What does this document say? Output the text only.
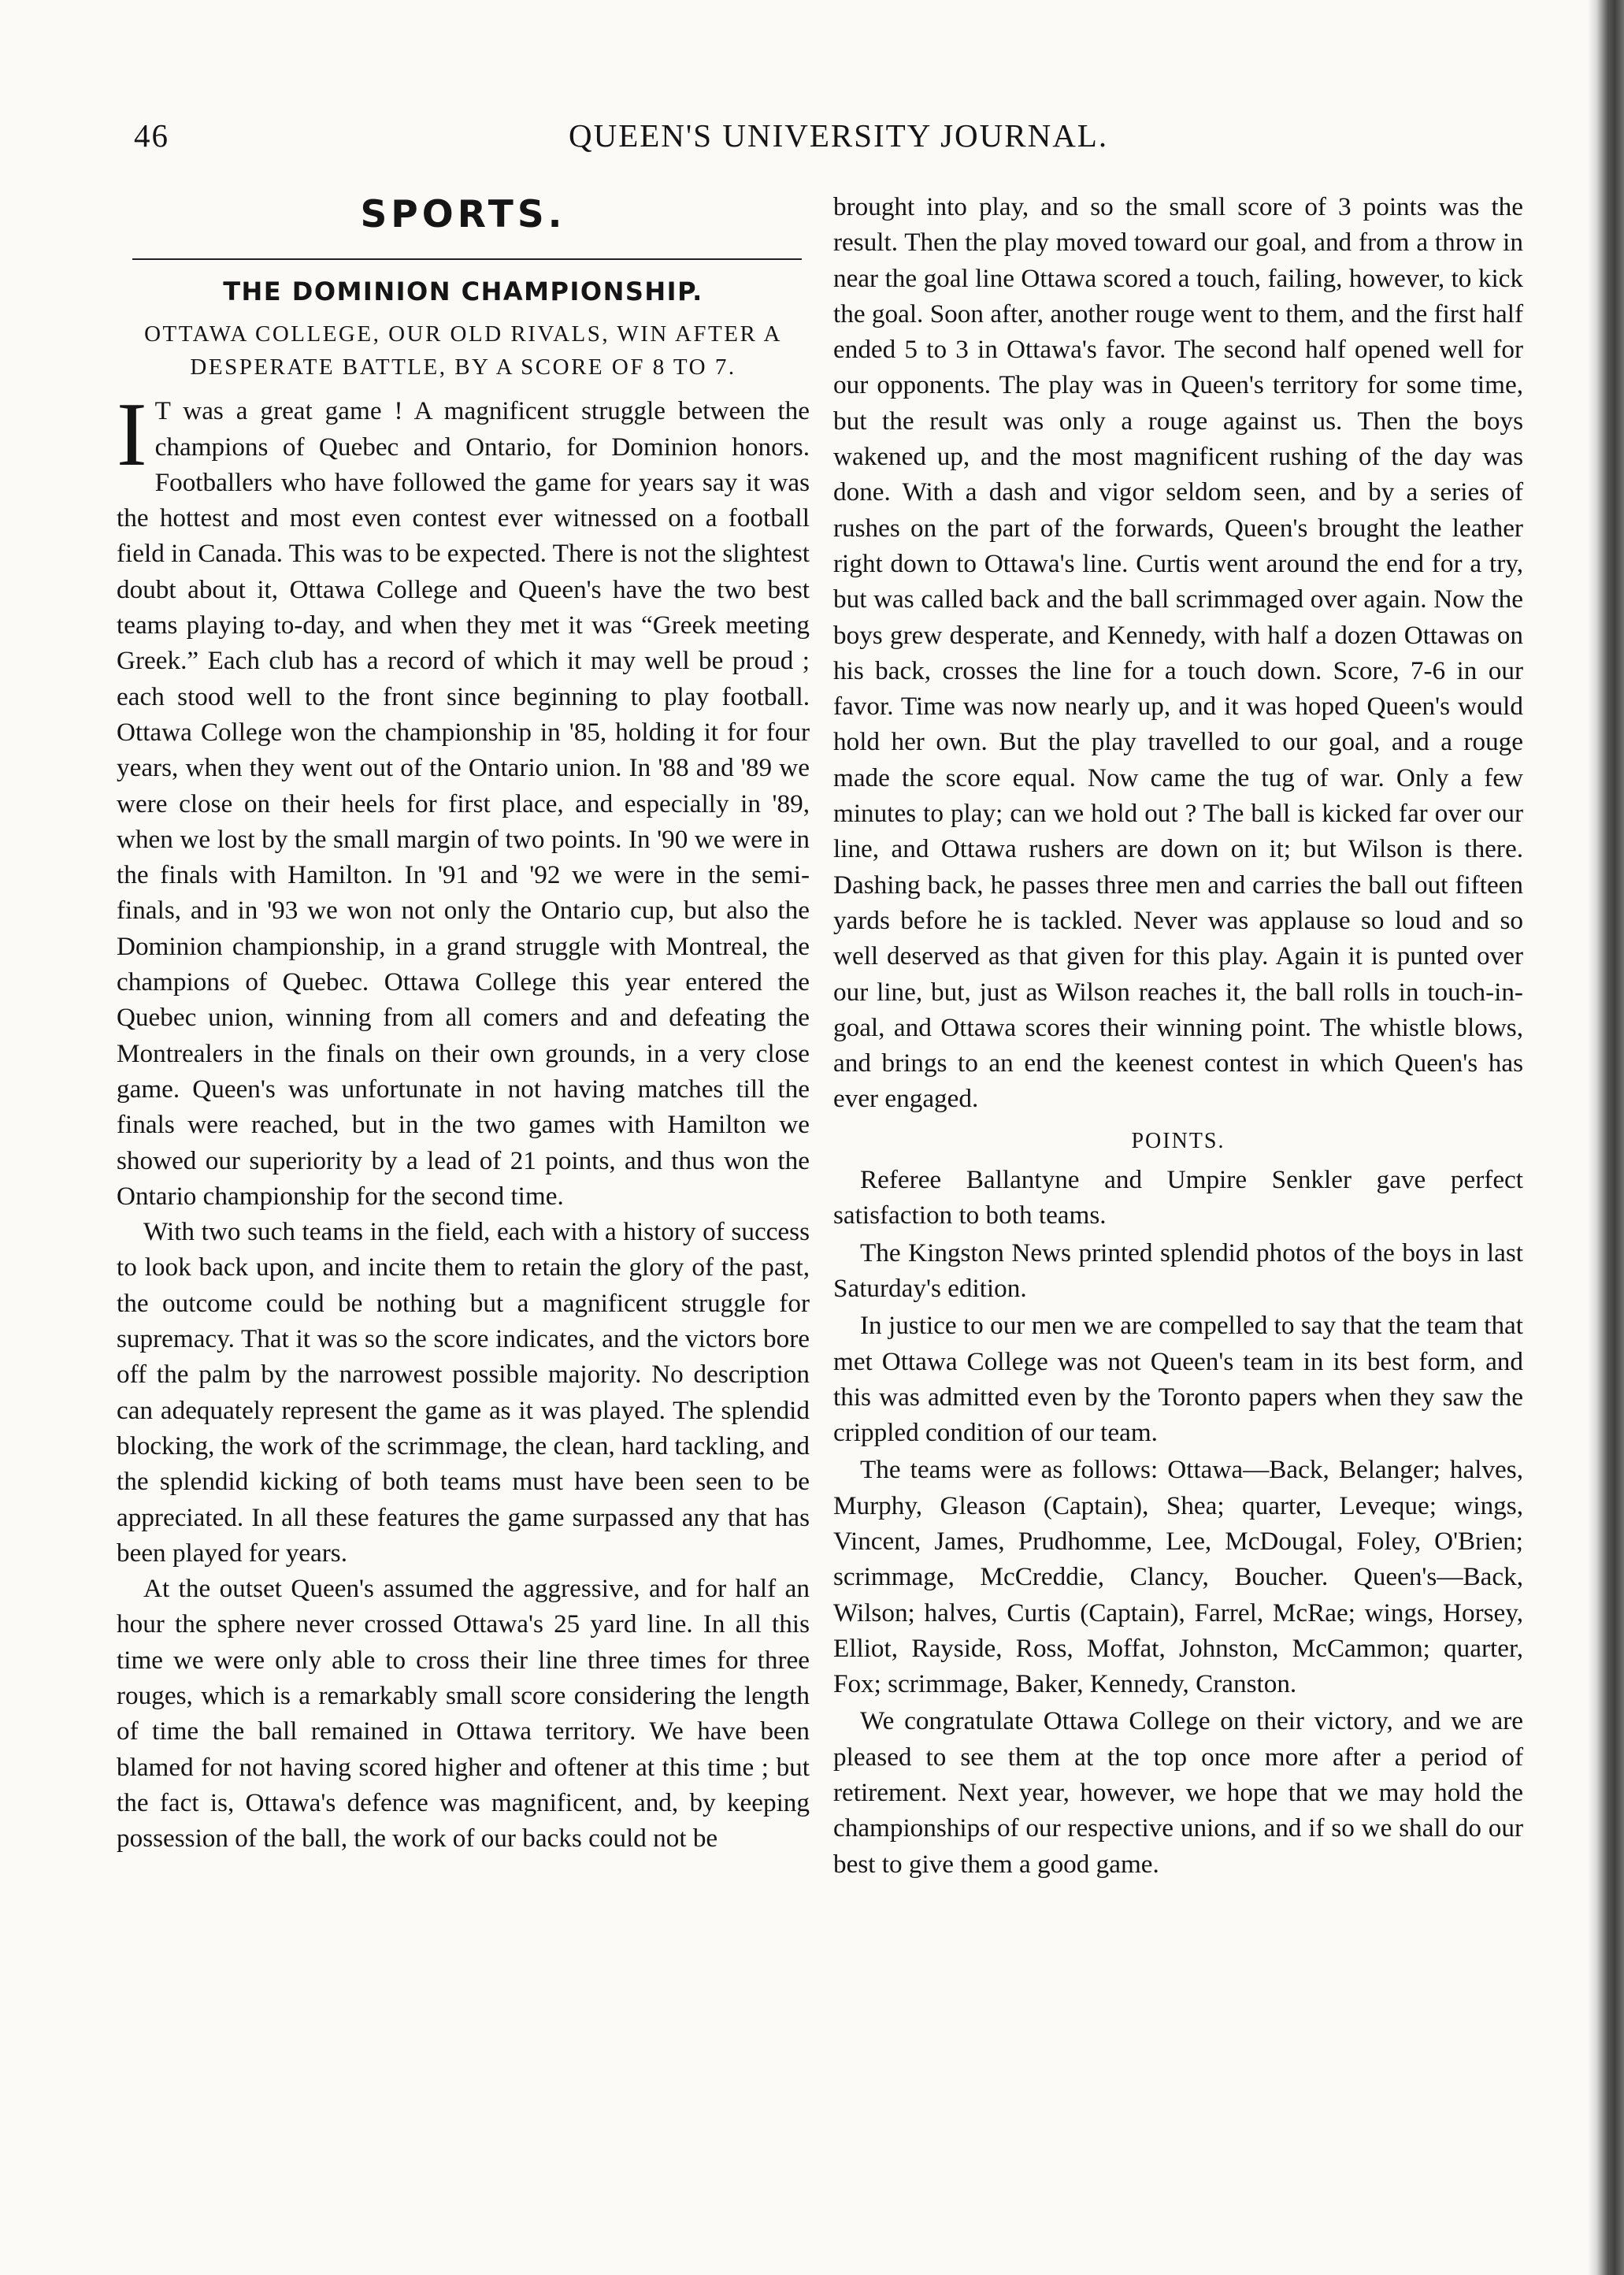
46	QUEEN'S UNIVERSITY JOURNAL.
SPORTS.
THE DOMINION CHAMPIONSHIP.
OTTAWA COLLEGE, OUR OLD RIVALS, WIN AFTER A DESPERATE BATTLE, BY A SCORE OF 8 TO 7.

I T was a great game ! A magnificent struggle between the champions of Quebec and Ontario, for Dominion honors. Footballers who have followed the game for years say it was the hottest and most even contest ever witnessed on a football field in Canada. This was to be expected. There is not the slightest doubt about it, Ottawa College and Queen's have the two best teams playing to-day, and when they met it was “Greek meeting Greek.” Each club has a record of which it may well be proud ; each stood well to the front since beginning to play football. Ottawa College won the championship in '85, holding it for four years, when they went out of the Ontario union. In '88 and '89 we were close on their heels for first place, and especially in '89, when we lost by the small margin of two points. In '90 we were in the finals with Hamilton. In '91 and '92 we were in the semi-finals, and in '93 we won not only the Ontario cup, but also the Dominion championship, in a grand struggle with Montreal, the champions of Quebec. Ottawa College this year entered the Quebec union, winning from all comers and and defeating the Montrealers in the finals on their own grounds, in a very close game. Queen's was unfortunate in not having matches till the finals were reached, but in the two games with Hamilton we showed our superiority by a lead of 21 points, and thus won the Ontario championship for the second time.

With two such teams in the field, each with a history of success to look back upon, and incite them to retain the glory of the past, the outcome could be nothing but a magnificent struggle for supremacy. That it was so the score indicates, and the victors bore off the palm by the narrowest possible majority. No description can adequately represent the game as it was played. The splendid blocking, the work of the scrimmage, the clean, hard tackling, and the splendid kicking of both teams must have been seen to be appreciated. In all these features the game surpassed any that has been played for years.

At the outset Queen's assumed the aggressive, and for half an hour the sphere never crossed Ottawa's 25 yard line. In all this time we were only able to cross their line three times for three rouges, which is a remarkably small score considering the length of time the ball remained in Ottawa territory. We have been blamed for not having scored higher and oftener at this time ; but the fact is, Ottawa's defence was magnificent, and, by keeping possession of the ball, the work of our backs could not be

brought into play, and so the small score of 3 points was the result. Then the play moved toward our goal, and from a throw in near the goal line Ottawa scored a touch, failing, however, to kick the goal. Soon after, another rouge went to them, and the first half ended 5 to 3 in Ottawa's favor. The second half opened well for our opponents. The play was in Queen's territory for some time, but the result was only a rouge against us. Then the boys wakened up, and the most magnificent rushing of the day was done. With a dash and vigor seldom seen, and by a series of rushes on the part of the forwards, Queen's brought the leather right down to Ottawa's line. Curtis went around the end for a try, but was called back and the ball scrimmaged over again. Now the boys grew desperate, and Kennedy, with half a dozen Ottawas on his back, crosses the line for a touch down. Score, 7-6 in our favor. Time was now nearly up, and it was hoped Queen's would hold her own. But the play travelled to our goal, and a rouge made the score equal. Now came the tug of war. Only a few minutes to play; can we hold out ? The ball is kicked far over our line, and Ottawa rushers are down on it; but Wilson is there. Dashing back, he passes three men and carries the ball out fifteen yards before he is tackled. Never was applause so loud and so well deserved as that given for this play. Again it is punted over our line, but, just as Wilson reaches it, the ball rolls in touch-in-goal, and Ottawa scores their winning point. The whistle blows, and brings to an end the keenest contest in which Queen's has ever engaged.

POINTS.

Referee Ballantyne and Umpire Senkler gave perfect satisfaction to both teams.

The Kingston News printed splendid photos of the boys in last Saturday's edition.

In justice to our men we are compelled to say that the team that met Ottawa College was not Queen's team in its best form, and this was admitted even by the Toronto papers when they saw the crippled condition of our team.

The teams were as follows: Ottawa—Back, Belanger; halves, Murphy, Gleason (Captain), Shea; quarter, Leveque; wings, Vincent, James, Prudhomme, Lee, McDougal, Foley, O'Brien; scrimmage, McCreddie, Clancy, Boucher. Queen's—Back, Wilson; halves, Curtis (Captain), Farrel, McRae; wings, Horsey, Elliot, Rayside, Ross, Moffat, Johnston, McCammon; quarter, Fox; scrimmage, Baker, Kennedy, Cranston.

We congratulate Ottawa College on their victory, and we are pleased to see them at the top once more after a period of retirement. Next year, however, we hope that we may hold the championships of our respective unions, and if so we shall do our best to give them a good game.
